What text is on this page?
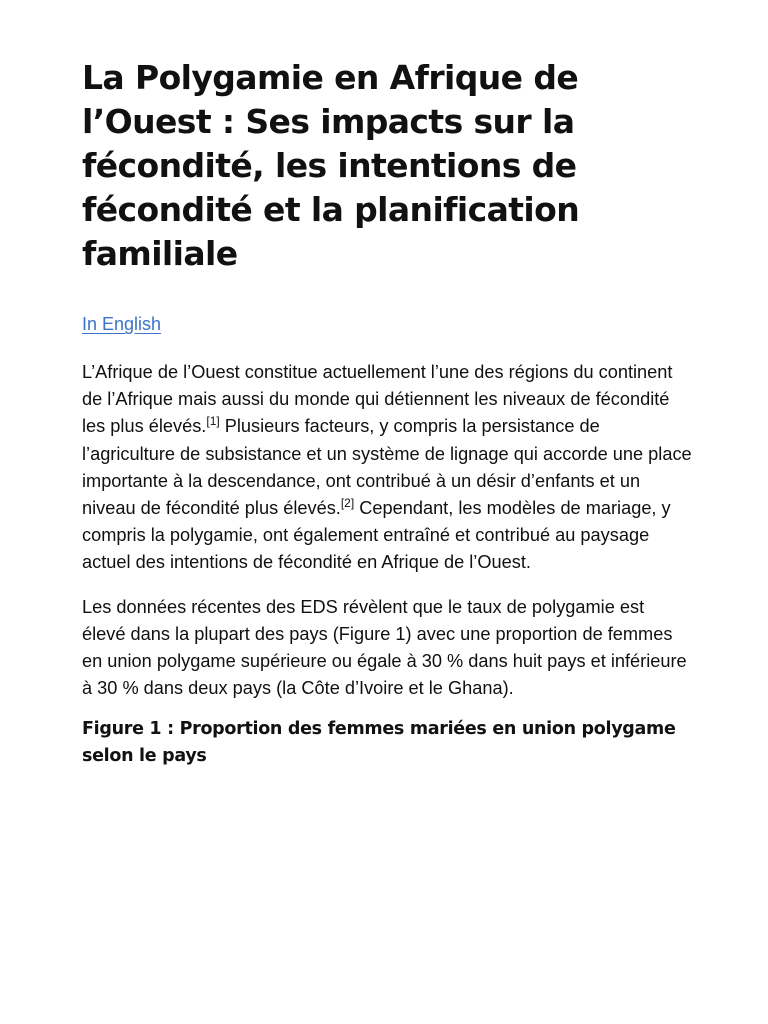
La Polygamie en Afrique de l’Ouest : Ses impacts sur la fécondité, les intentions de fécondité et la planification familiale
In English

L’Afrique de l’Ouest constitue actuellement l’une des régions du continent de l’Afrique mais aussi du monde qui détiennent les niveaux de fécondité les plus élevés.[1] Plusieurs facteurs, y compris la persistance de l’agriculture de subsistance et un système de lignage qui accorde une place importante à la descendance, ont contribué à un désir d’enfants et un niveau de fécondité plus élevés.[2] Cependant, les modèles de mariage, y compris la polygamie, ont également entraîné et contribué au paysage actuel des intentions de fécondité en Afrique de l’Ouest.

Les données récentes des EDS révèlent que le taux de polygamie est élevé dans la plupart des pays (Figure 1) avec une proportion de femmes en union polygame supérieure ou égale à 30 % dans huit pays et inférieure à 30 % dans deux pays (la Côte d’Ivoire et le Ghana).

Figure 1 : Proportion des femmes mariées en union polygame selon le pays
